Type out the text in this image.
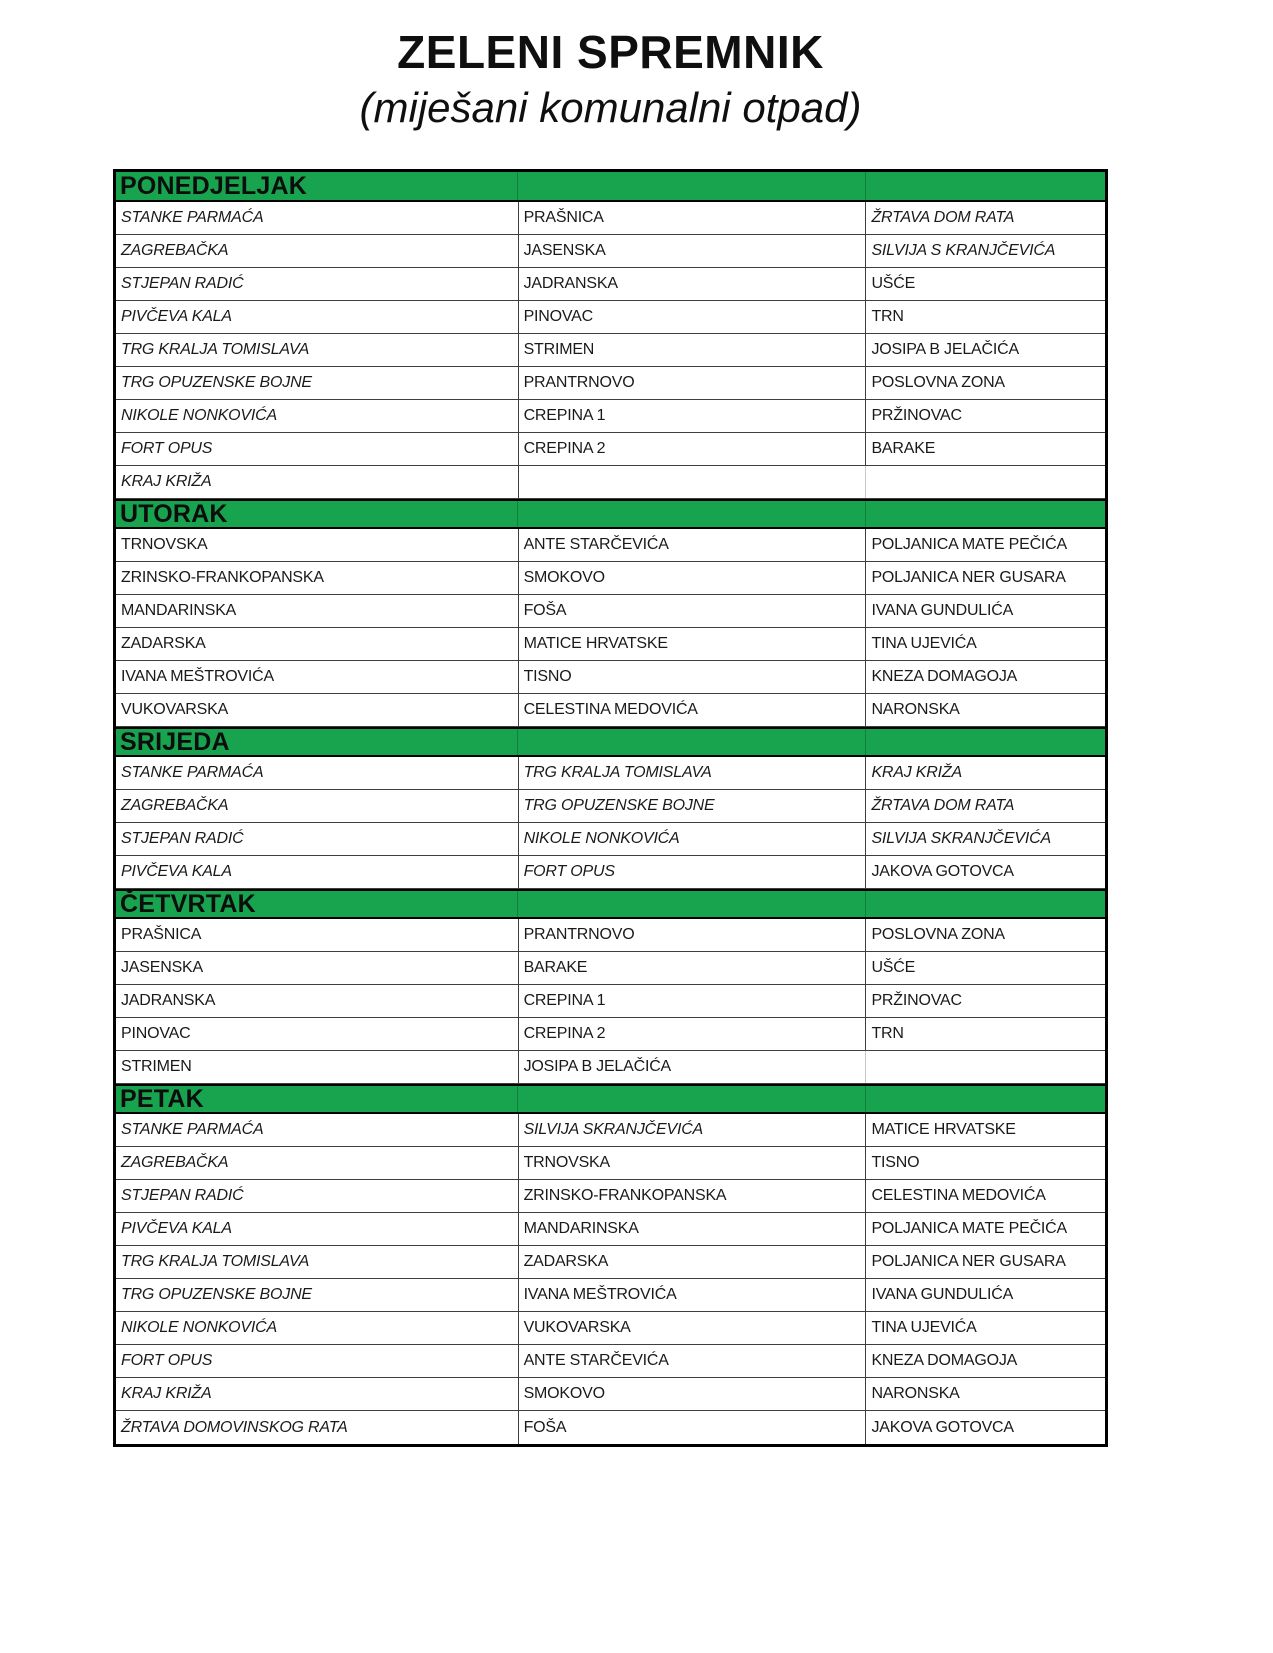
ZELENI SPREMNIK

(miješani komunalni otpad)

PONEDJELJAK
STANKE PARMAĆA	PRAŠNICA	ŽRTAVA DOM RATA
ZAGREBAČKA	JASENSKA	SILVIJA S KRANJČEVIĆA
STJEPAN RADIĆ	JADRANSKA	UŠĆE
PIVČEVA KALA	PINOVAC	TRN
TRG KRALJA TOMISLAVA	STRIMEN	JOSIPA B JELAČIĆA
TRG OPUZENSKE BOJNE	PRANTRNOVO	POSLOVNA ZONA
NIKOLE NONKOVIĆA	CREPINA 1	PRŽINOVAC
FORT OPUS	CREPINA 2	BARAKE
KRAJ KRIŽA
UTORAK
TRNOVSKA	ANTE STARČEVIĆA	POLJANICA MATE PEČIĆA
ZRINSKO-FRANKOPANSKA	SMOKOVO	POLJANICA NER GUSARA
MANDARINSKA	FOŠA	IVANA GUNDULIĆA
ZADARSKA	MATICE HRVATSKE	TINA UJEVIĆA
IVANA MEŠTROVIĆA	TISNO	KNEZA DOMAGOJA
VUKOVARSKA	CELESTINA MEDOVIĆA	NARONSKA
SRIJEDA
STANKE PARMAĆA	TRG KRALJA TOMISLAVA	KRAJ KRIŽA
ZAGREBAČKA	TRG OPUZENSKE BOJNE	ŽRTAVA DOM RATA
STJEPAN RADIĆ	NIKOLE NONKOVIĆA	SILVIJA SKRANJČEVIĆA
PIVČEVA KALA	FORT OPUS	JAKOVA GOTOVCA
ČETVRTAK
PRAŠNICA	PRANTRNOVO	POSLOVNA ZONA
JASENSKA	BARAKE	UŠĆE
JADRANSKA	CREPINA 1	PRŽINOVAC
PINOVAC	CREPINA 2	TRN
STRIMEN	JOSIPA B JELAČIĆA
PETAK
STANKE PARMAĆA	SILVIJA SKRANJČEVIĆA	MATICE HRVATSKE
ZAGREBAČKA	TRNOVSKA	TISNO
STJEPAN RADIĆ	ZRINSKO-FRANKOPANSKA	CELESTINA MEDOVIĆA
PIVČEVA KALA	MANDARINSKA	POLJANICA MATE PEČIĆA
TRG KRALJA TOMISLAVA	ZADARSKA	POLJANICA NER GUSARA
TRG OPUZENSKE BOJNE	IVANA MEŠTROVIĆA	IVANA GUNDULIĆA
NIKOLE NONKOVIĆA	VUKOVARSKA	TINA UJEVIĆA
FORT OPUS	ANTE STARČEVIĆA	KNEZA DOMAGOJA
KRAJ KRIŽA	SMOKOVO	NARONSKA
ŽRTAVA DOMOVINSKOG RATA	FOŠA	JAKOVA GOTOVCA
